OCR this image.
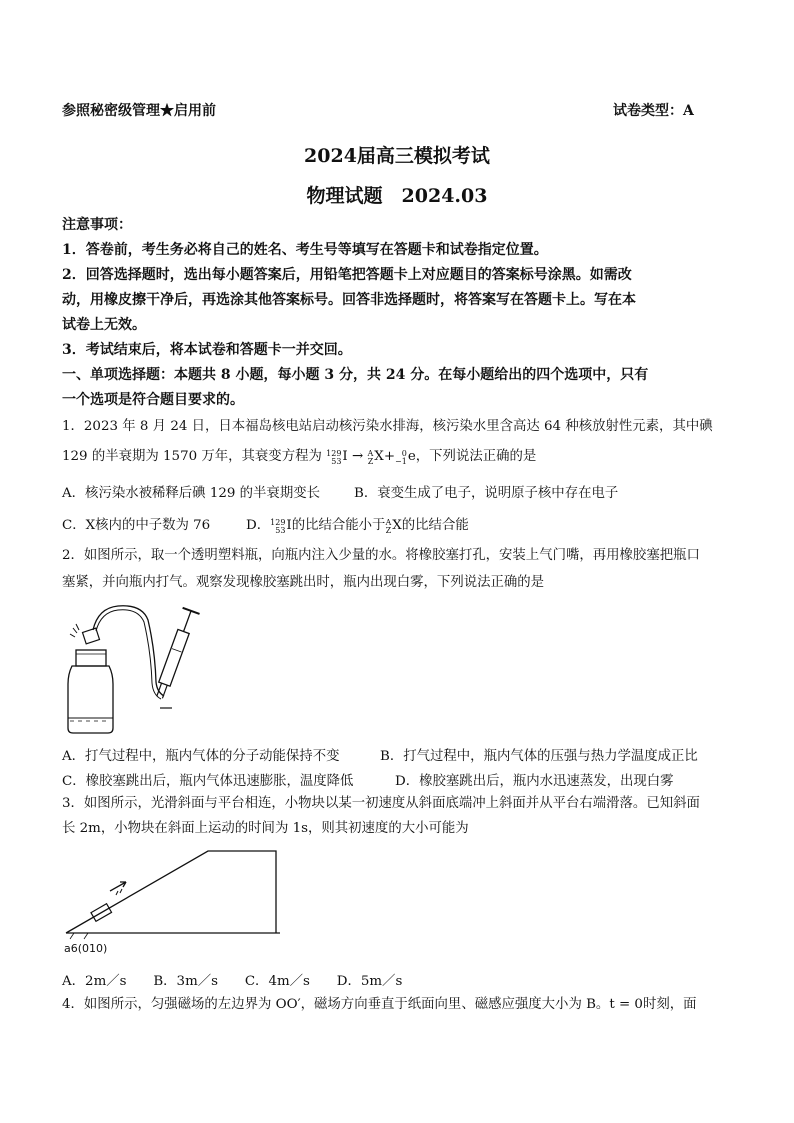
参照秘密级管理★启用前	试卷类型：A
2024届高三模拟考试
物理试题　2024.03
注意事项：
1．答卷前，考生务必将自己的姓名、考生号等填写在答题卡和试卷指定位置。
2．回答选择题时，选出每小题答案后，用铅笔把答题卡上对应题目的答案标号涂黑。如需改
动，用橡皮擦干净后，再选涂其他答案标号。回答非选择题时，将答案写在答题卡上。写在本
试卷上无效。
3．考试结束后，将本试卷和答题卡一并交回。
一、单项选择题：本题共 8 小题，每小题 3 分，共 24 分。在每小题给出的四个选项中，只有
一个选项是符合题目要求的。
1．2023 年 8 月 24 日，日本福岛核电站启动核污染水排海，核污染水里含高达 64 种核放射性元素，其中碘
129 的半衰期为 1570 万年，其衰变方程为 129
53I → A
ZX+ 0
−1e，下列说法正确的是
A．核污染水被稀释后碘 129 的半衰期变长	B．衰变生成了电子，说明原子核中存在电子
C．X核内的中子数为 76	D．129
53I的比结合能小于A
ZX的比结合能
2．如图所示，取一个透明塑料瓶，向瓶内注入少量的水。将橡胶塞打孔，安装上气门嘴，再用橡胶塞把瓶口
塞紧，并向瓶内打气。观察发现橡胶塞跳出时，瓶内出现白雾，下列说法正确的是
A．打气过程中，瓶内气体的分子动能保持不变	B．打气过程中，瓶内气体的压强与热力学温度成正比
C．橡胶塞跳出后，瓶内气体迅速膨胀，温度降低	D．橡胶塞跳出后，瓶内水迅速蒸发，出现白雾
3．如图所示，光滑斜面与平台相连，小物块以某一初速度从斜面底端冲上斜面并从平台右端滑落。已知斜面
长 2m，小物块在斜面上运动的时间为 1s，则其初速度的大小可能为
a6(010)
A．2m／s　　B．3m／s　　C．4m／s　　D．5m／s
4．如图所示，匀强磁场的左边界为 OO′，磁场方向垂直于纸面向里、磁感应强度大小为 B。t = 0时刻，面
